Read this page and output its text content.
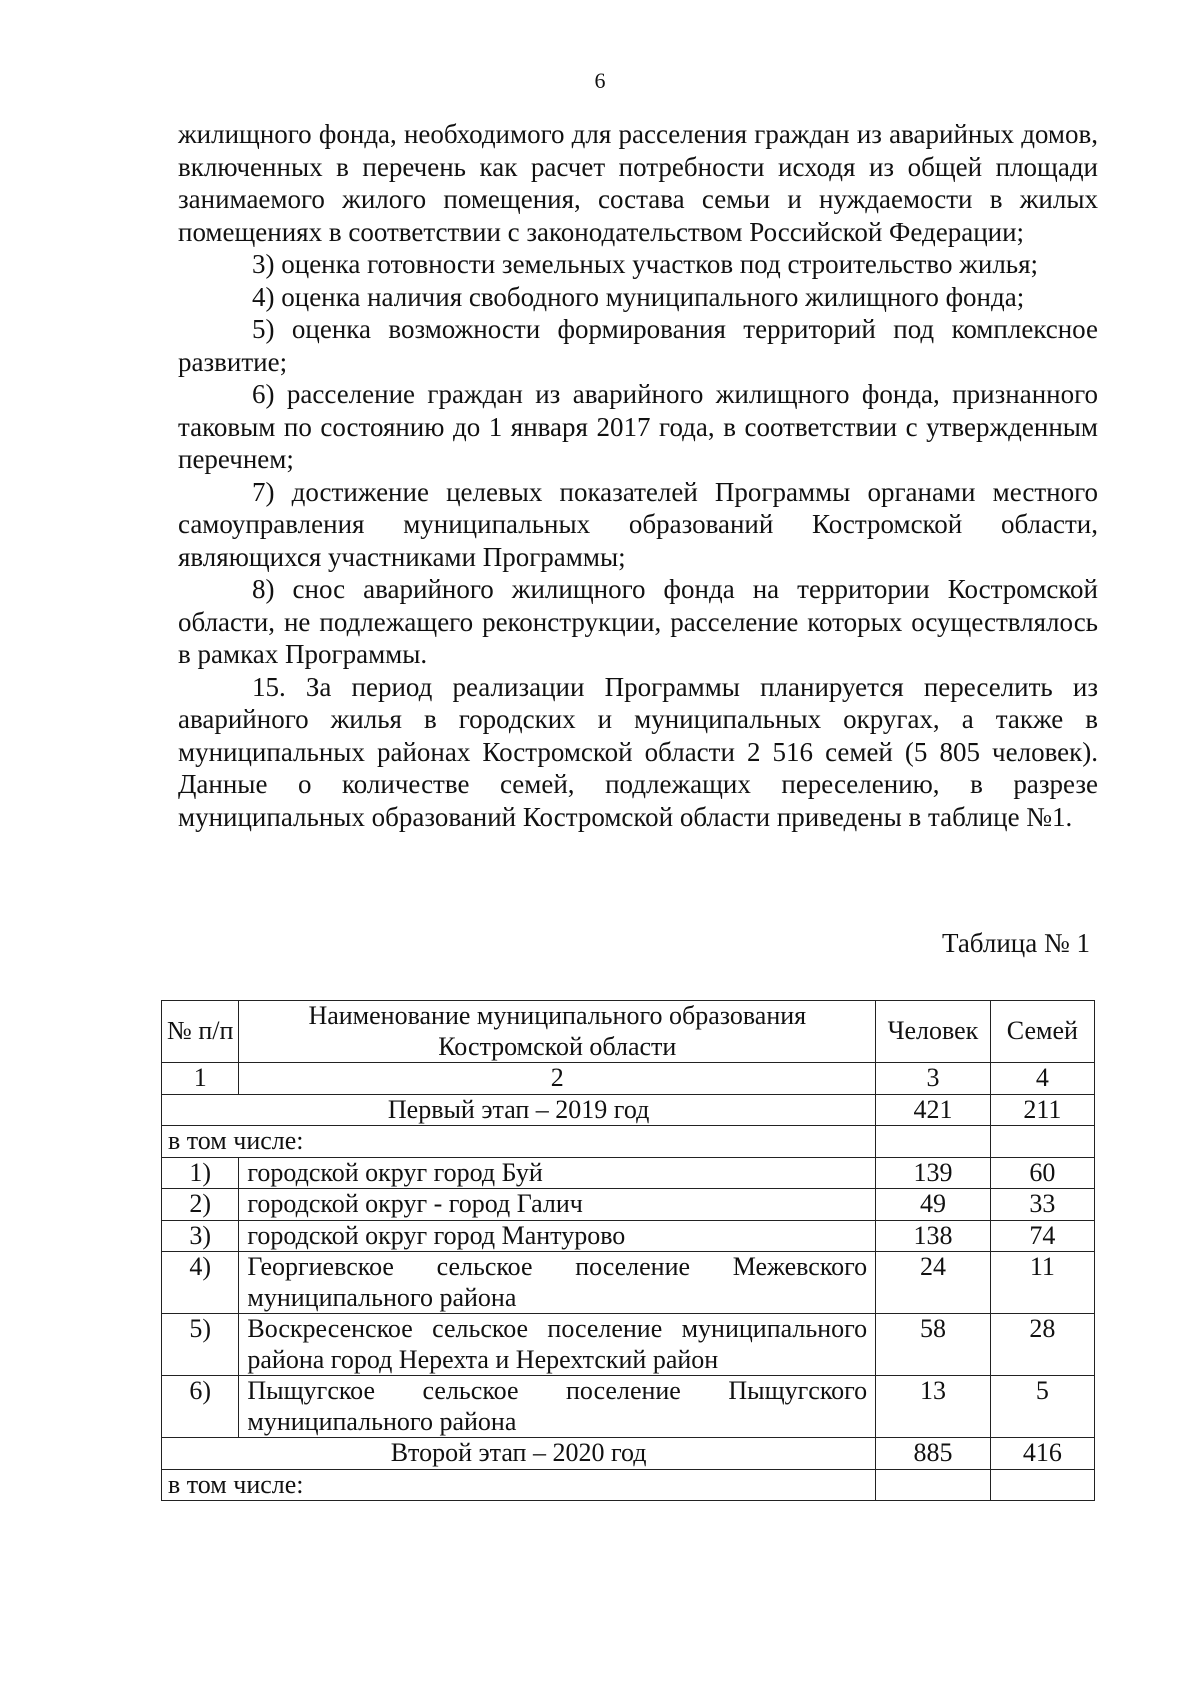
6

жилищного фонда, необходимого для расселения граждан из аварийных домов, включенных в перечень как расчет потребности исходя из общей площади занимаемого жилого помещения, состава семьи и нуждаемости в жилых помещениях в соответствии с законодательством Российской Федерации;

3) оценка готовности земельных участков под строительство жилья;

4) оценка наличия свободного муниципального жилищного фонда;

5) оценка возможности формирования территорий под комплексное развитие;

6) расселение граждан из аварийного жилищного фонда, признанного таковым по состоянию до 1 января 2017 года, в соответствии с утвержденным перечнем;

7) достижение целевых показателей Программы органами местного самоуправления муниципальных образований Костромской области, являющихся участниками Программы;

8) снос аварийного жилищного фонда на территории Костромской области, не подлежащего реконструкции, расселение которых осуществлялось в рамках Программы.

15. За период реализации Программы планируется переселить из аварийного жилья в городских и муниципальных округах, а также в муниципальных районах Костромской области 2 516 семей (5 805 человек). Данные о количестве семей, подлежащих переселению, в разрезе муниципальных образований Костромской области приведены в таблице №1.

Таблица № 1
№ п/п	Наименование муниципального образования Костромской области	Человек	Семей
1	2	3	4
Первый этап – 2019 год		421	211
в том числе:			
1)	городской округ город Буй	139	60
2)	городской округ - город Галич	49	33
3)	городской округ город Мантурово	138	74
4)	Георгиевское сельское поселение Межевского муниципального района	24	11
5)	Воскресенское сельское поселение муниципального района город Нерехта и Нерехтский район	58	28
6)	Пыщугское сельское поселение Пыщугского муниципального района	13	5
Второй этап – 2020 год		885	416
в том числе:			
